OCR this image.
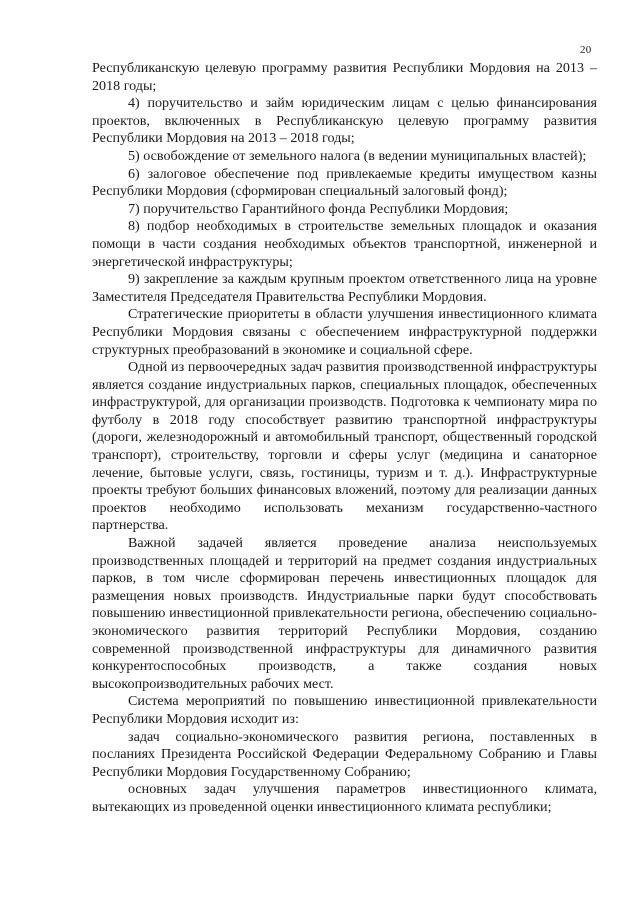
20

Республиканскую целевую программу развития Республики Мордовия на 2013 – 2018 годы;

4) поручительство и займ юридическим лицам с целью финансирования проектов, включенных в Республиканскую целевую программу развития Республики Мордовия на 2013 – 2018 годы;

5) освобождение от земельного налога (в ведении муниципальных властей);

6) залоговое обеспечение под привлекаемые кредиты имуществом казны Республики Мордовия (сформирован специальный залоговый фонд);

7) поручительство Гарантийного фонда Республики Мордовия;

8) подбор необходимых в строительстве земельных площадок и оказания помощи в части создания необходимых объектов транспортной, инженерной и энергетической инфраструктуры;

9) закрепление за каждым крупным проектом ответственного лица на уровне Заместителя Председателя Правительства Республики Мордовия.

Стратегические приоритеты в области улучшения инвестиционного климата Республики Мордовия связаны с обеспечением инфраструктурной поддержки структурных преобразований в экономике и социальной сфере.

Одной из первоочередных задач развития производственной инфраструктуры является создание индустриальных парков, специальных площадок, обеспеченных инфраструктурой, для организации производств. Подготовка к чемпионату мира по футболу в 2018 году способствует развитию транспортной инфраструктуры (дороги, железнодорожный и автомобильный транспорт, общественный городской транспорт), строительству, торговли и сферы услуг (медицина и санаторное лечение, бытовые услуги, связь, гостиницы, туризм и т. д.). Инфраструктурные проекты требуют больших финансовых вложений, поэтому для реализации данных проектов необходимо использовать механизм государственно-частного партнерства.

Важной задачей является проведение анализа неиспользуемых производственных площадей и территорий на предмет создания индустриальных парков, в том числе сформирован перечень инвестиционных площадок для размещения новых производств. Индустриальные парки будут способствовать повышению инвестиционной привлекательности региона, обеспечению социально-экономического развития территорий Республики Мордовия, созданию современной производственной инфраструктуры для динамичного развития конкурентоспособных производств, а также создания новых высокопроизводительных рабочих мест.

Система мероприятий по повышению инвестиционной привлекательности Республики Мордовия исходит из:

задач социально-экономического развития региона, поставленных в посланиях Президента Российской Федерации Федеральному Собранию и Главы Республики Мордовия Государственному Собранию;

основных задач улучшения параметров инвестиционного климата, вытекающих из проведенной оценки инвестиционного климата республики;
